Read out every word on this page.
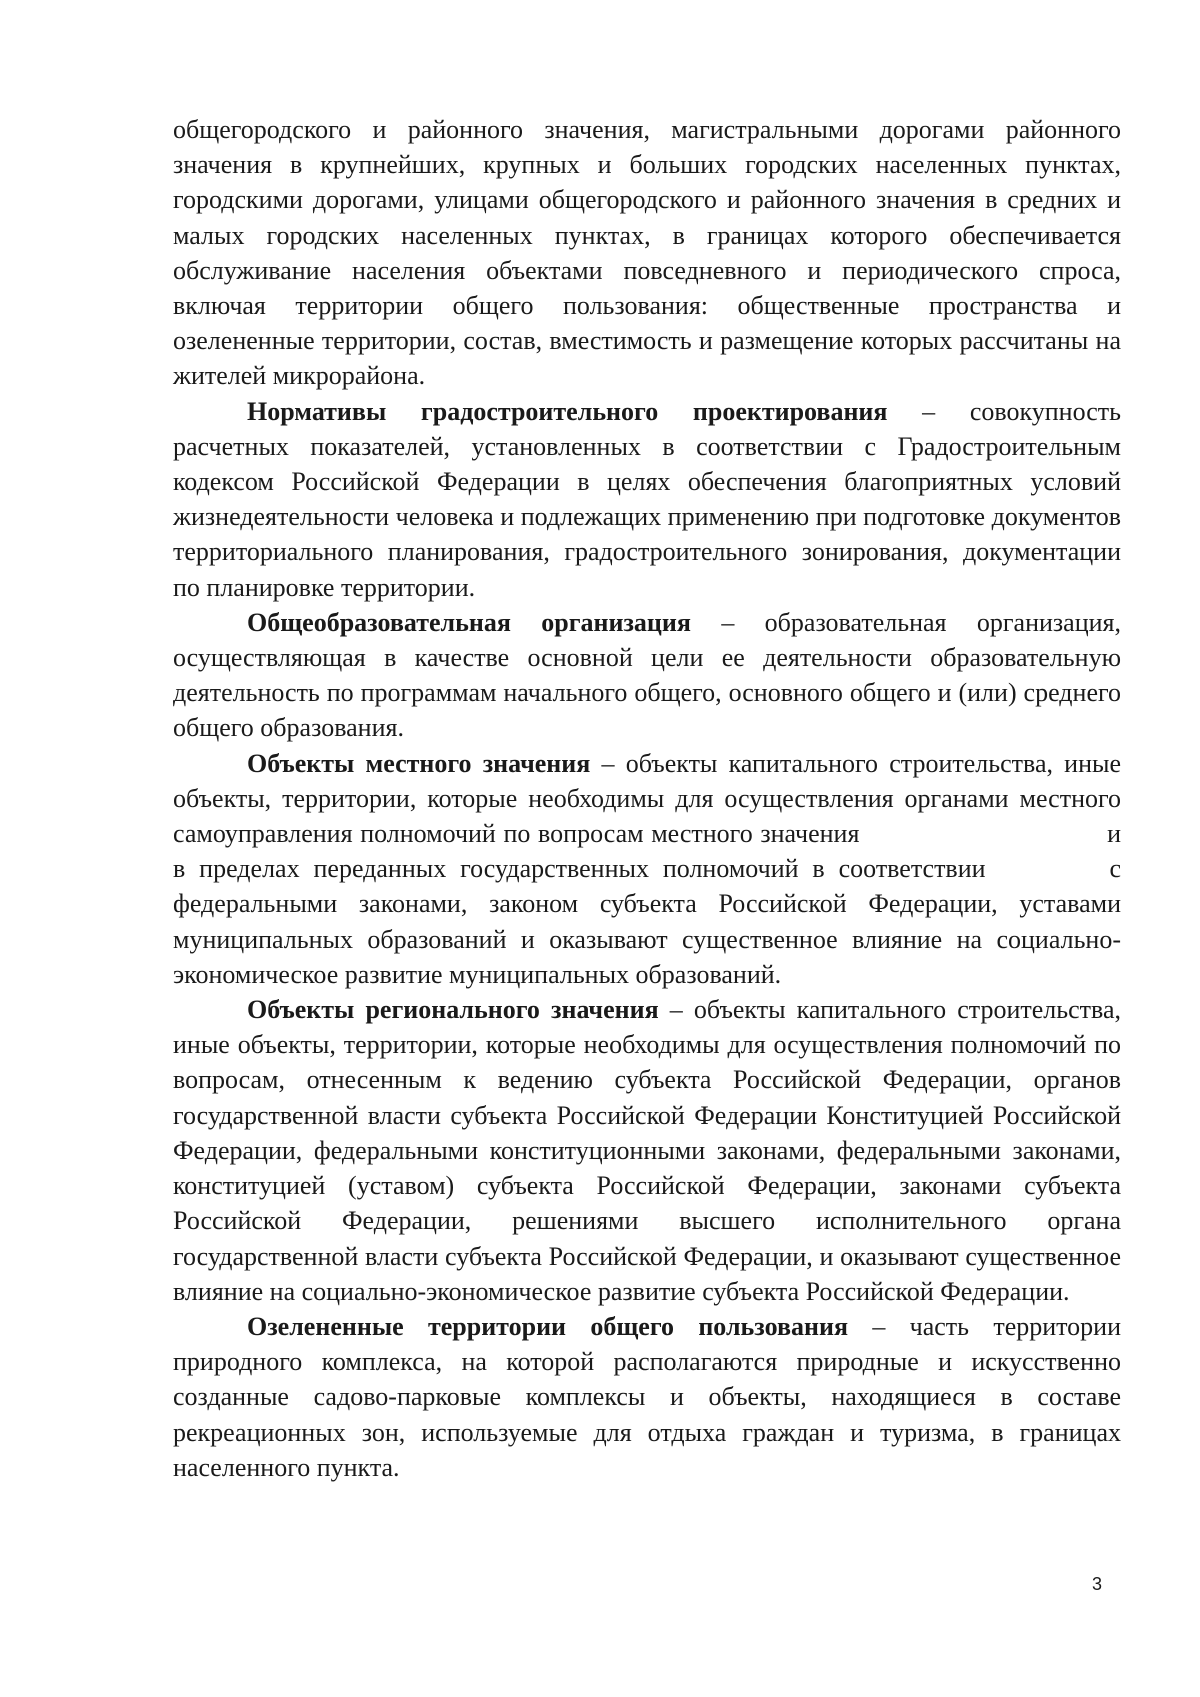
общегородского и районного значения, магистральными дорогами районного значения в крупнейших, крупных и больших городских населенных пунктах, городскими дорогами, улицами общегородского и районного значения в средних и малых городских населенных пунктах, в границах которого обеспечивается обслуживание населения объектами повседневного и периодического спроса, включая территории общего пользования: общественные пространства и озелененные территории, состав, вместимость и размещение которых рассчитаны на жителей микрорайона.

Нормативы градостроительного проектирования – совокупность расчетных показателей, установленных в соответствии с Градостроительным кодексом Российской Федерации в целях обеспечения благоприятных условий жизнедеятельности человека и подлежащих применению при подготовке документов территориального планирования, градостроительного зонирования, документации по планировке территории.

Общеобразовательная организация – образовательная организация, осуществляющая в качестве основной цели ее деятельности образовательную деятельность по программам начального общего, основного общего и (или) среднего общего образования.

Объекты местного значения – объекты капитального строительства, иные объекты, территории, которые необходимы для осуществления органами местного самоуправления полномочий по вопросам местного значения	и в пределах переданных государственных полномочий в соответствии	с федеральными законами, законом субъекта Российской Федерации, уставами муниципальных образований и оказывают существенное влияние на социально-экономическое развитие муниципальных образований.

Объекты регионального значения – объекты капитального строительства, иные объекты, территории, которые необходимы для осуществления полномочий по вопросам, отнесенным к ведению субъекта Российской Федерации, органов государственной власти субъекта Российской Федерации Конституцией Российской Федерации, федеральными конституционными законами, федеральными законами, конституцией (уставом) субъекта Российской Федерации, законами субъекта Российской Федерации, решениями высшего исполнительного органа государственной власти субъекта Российской Федерации, и оказывают существенное влияние на социально-экономическое развитие субъекта Российской Федерации.

Озелененные территории общего пользования – часть территории природного комплекса, на которой располагаются природные и искусственно созданные садово-парковые комплексы и объекты, находящиеся в составе рекреационных зон, используемые для отдыха граждан и туризма, в границах населенного пункта.

3
